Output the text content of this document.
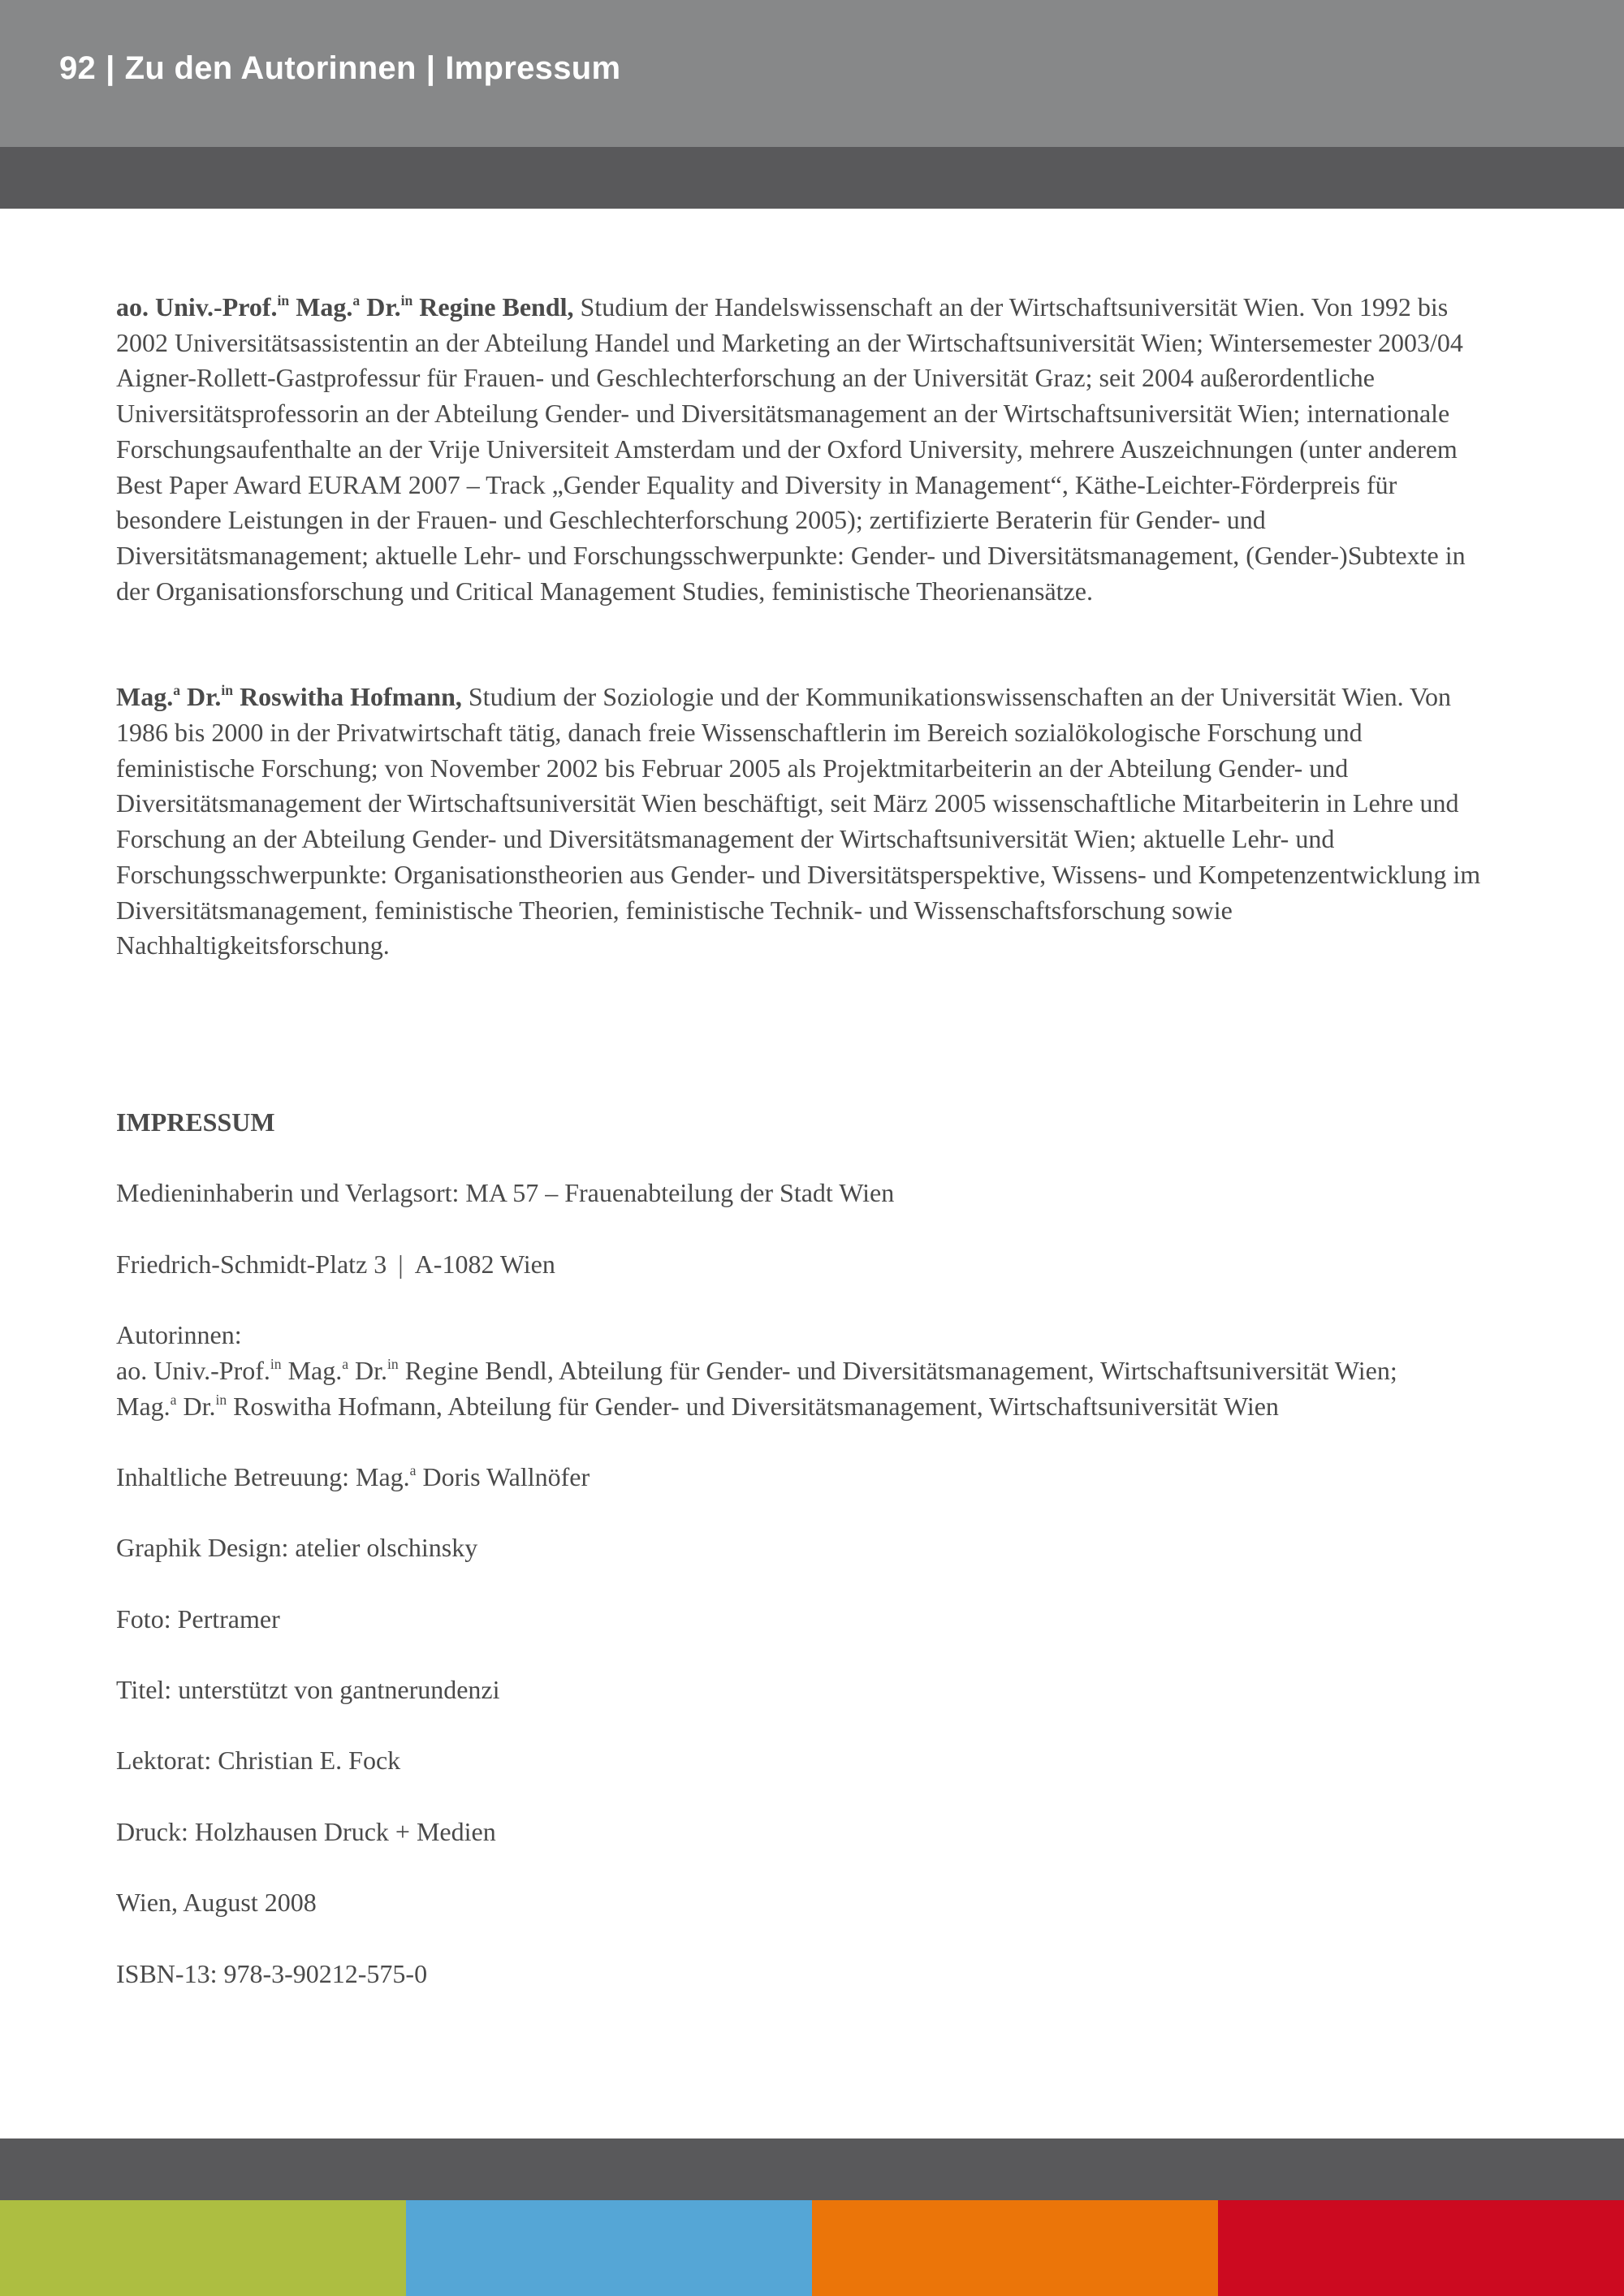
92 | Zu den Autorinnen | Impressum

ao. Univ.-Prof.$^{in}$ Mag.$^a$ Dr.$^{in}$ Regine Bendl, Studium der Handelswissenschaft an der Wirtschaftsuniversität Wien. Von 1992 bis 2002 Universitätsassistentin an der Abteilung Handel und Marketing an der Wirtschaftsuniversität Wien; Wintersemester 2003/04 Aigner-Rollett-Gastprofessur für Frauen- und Geschlechterforschung an der Universität Graz; seit 2004 außerordentliche Universitätsprofessorin an der Abteilung Gender- und Diversitätsmanagement an der Wirtschaftsuniversität Wien; internationale Forschungsaufenthalte an der Vrije Universiteit Amsterdam und der Oxford University, mehrere Auszeichnungen (unter anderem Best Paper Award EURAM 2007 – Track „Gender Equality and Diversity in Management“, Käthe-Leichter-Förderpreis für besondere Leistungen in der Frauen- und Geschlechterforschung 2005); zertifizierte Beraterin für Gender- und Diversitätsmanagement; aktuelle Lehr- und Forschungsschwerpunkte: Gender- und Diversitätsmanagement, (Gender-)Subtexte in der Organisationsforschung und Critical Management Studies, feministische Theorienansätze.

Mag.$^a$ Dr.$^{in}$ Roswitha Hofmann, Studium der Soziologie und der Kommunikationswissenschaften an der Universität Wien. Von 1986 bis 2000 in der Privatwirtschaft tätig, danach freie Wissenschaftlerin im Bereich sozialökologische Forschung und feministische Forschung; von November 2002 bis Februar 2005 als Projektmitarbeiterin an der Abteilung Gender- und Diversitätsmanagement der Wirtschaftsuniversität Wien beschäftigt, seit März 2005 wissenschaftliche Mitarbeiterin in Lehre und Forschung an der Abteilung Gender- und Diversitätsmanagement der Wirtschaftsuniversität Wien; aktuelle Lehr- und Forschungsschwerpunkte: Organisationstheorien aus Gender- und Diversitätsperspektive, Wissens- und Kompetenzentwicklung im Diversitätsmanagement, feministische Theorien, feministische Technik- und Wissenschaftsforschung sowie Nachhaltigkeitsforschung.

IMPRESSUM
Medieninhaberin und Verlagsort: MA 57 – Frauenabteilung der Stadt Wien
Friedrich-Schmidt-Platz 3 | A-1082 Wien
Autorinnen:
ao. Univ.-Prof.$^{in}$ Mag.$^a$ Dr.$^{in}$ Regine Bendl, Abteilung für Gender- und Diversitätsmanagement, Wirtschaftsuniversität Wien;
Mag.$^a$ Dr.$^{in}$ Roswitha Hofmann, Abteilung für Gender- und Diversitätsmanagement, Wirtschaftsuniversität Wien
Inhaltliche Betreuung: Mag.$^a$ Doris Wallnöfer
Graphik Design: atelier olschinsky
Foto: Pertramer
Titel: unterstützt von gantnerundenzi
Lektorat: Christian E. Fock
Druck: Holzhausen Druck + Medien
Wien, August 2008
ISBN-13: 978-3-90212-575-0
